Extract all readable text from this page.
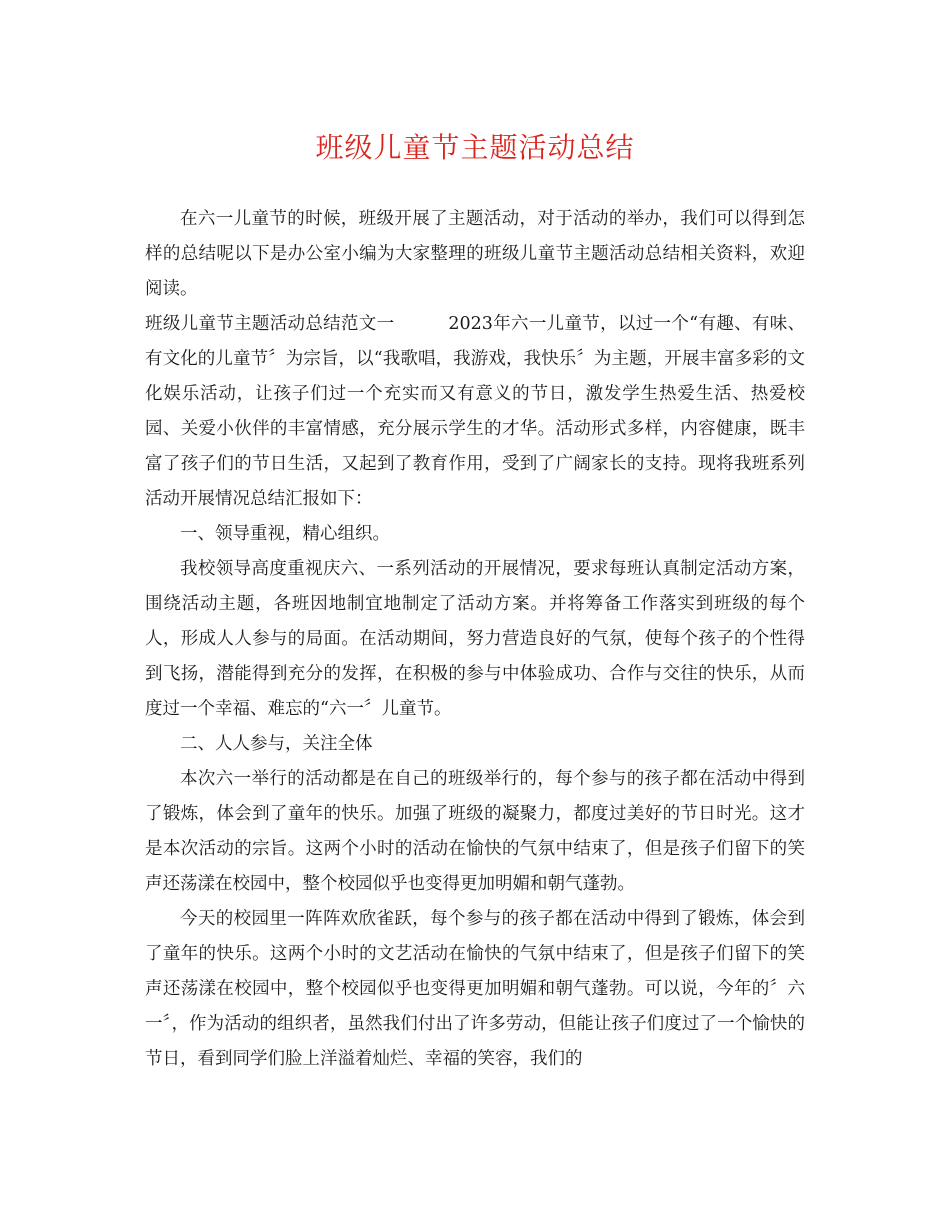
班级儿童节主题活动总结

在六一儿童节的时候，班级开展了主题活动，对于活动的举办，我们可以得到怎样的总结呢以下是办公室小编为大家整理的班级儿童节主题活动总结相关资料，欢迎阅读。

班级儿童节主题活动总结范文一	2023年六一儿童节，以过一个“有趣、有味、有文化的儿童节〞为宗旨，以“我歌唱，我游戏，我快乐〞为主题，开展丰富多彩的文化娱乐活动，让孩子们过一个充实而又有意义的节日，激发学生热爱生活、热爱校园、关爱小伙伴的丰富情感，充分展示学生的才华。活动形式多样，内容健康，既丰富了孩子们的节日生活，又起到了教育作用，受到了广阔家长的支持。现将我班系列活动开展情况总结汇报如下：

一、领导重视，精心组织。

我校领导高度重视庆六、一系列活动的开展情况，要求每班认真制定活动方案，围绕活动主题，各班因地制宜地制定了活动方案。并将筹备工作落实到班级的每个人，形成人人参与的局面。在活动期间，努力营造良好的气氛，使每个孩子的个性得到飞扬，潜能得到充分的发挥，在积极的参与中体验成功、合作与交往的快乐，从而度过一个幸福、难忘的“六一〞儿童节。

二、人人参与，关注全体

本次六一举行的活动都是在自己的班级举行的，每个参与的孩子都在活动中得到了锻炼，体会到了童年的快乐。加强了班级的凝聚力，都度过美好的节日时光。这才是本次活动的宗旨。这两个小时的活动在愉快的气氛中结束了，但是孩子们留下的笑声还荡漾在校园中，整个校园似乎也变得更加明媚和朝气蓬勃。

今天的校园里一阵阵欢欣雀跃，每个参与的孩子都在活动中得到了锻炼，体会到了童年的快乐。这两个小时的文艺活动在愉快的气氛中结束了，但是孩子们留下的笑声还荡漾在校园中，整个校园似乎也变得更加明媚和朝气蓬勃。可以说，今年的〞六一〞，作为活动的组织者，虽然我们付出了许多劳动，但能让孩子们度过了一个愉快的节日，看到同学们脸上洋溢着灿烂、幸福的笑容，我们的
